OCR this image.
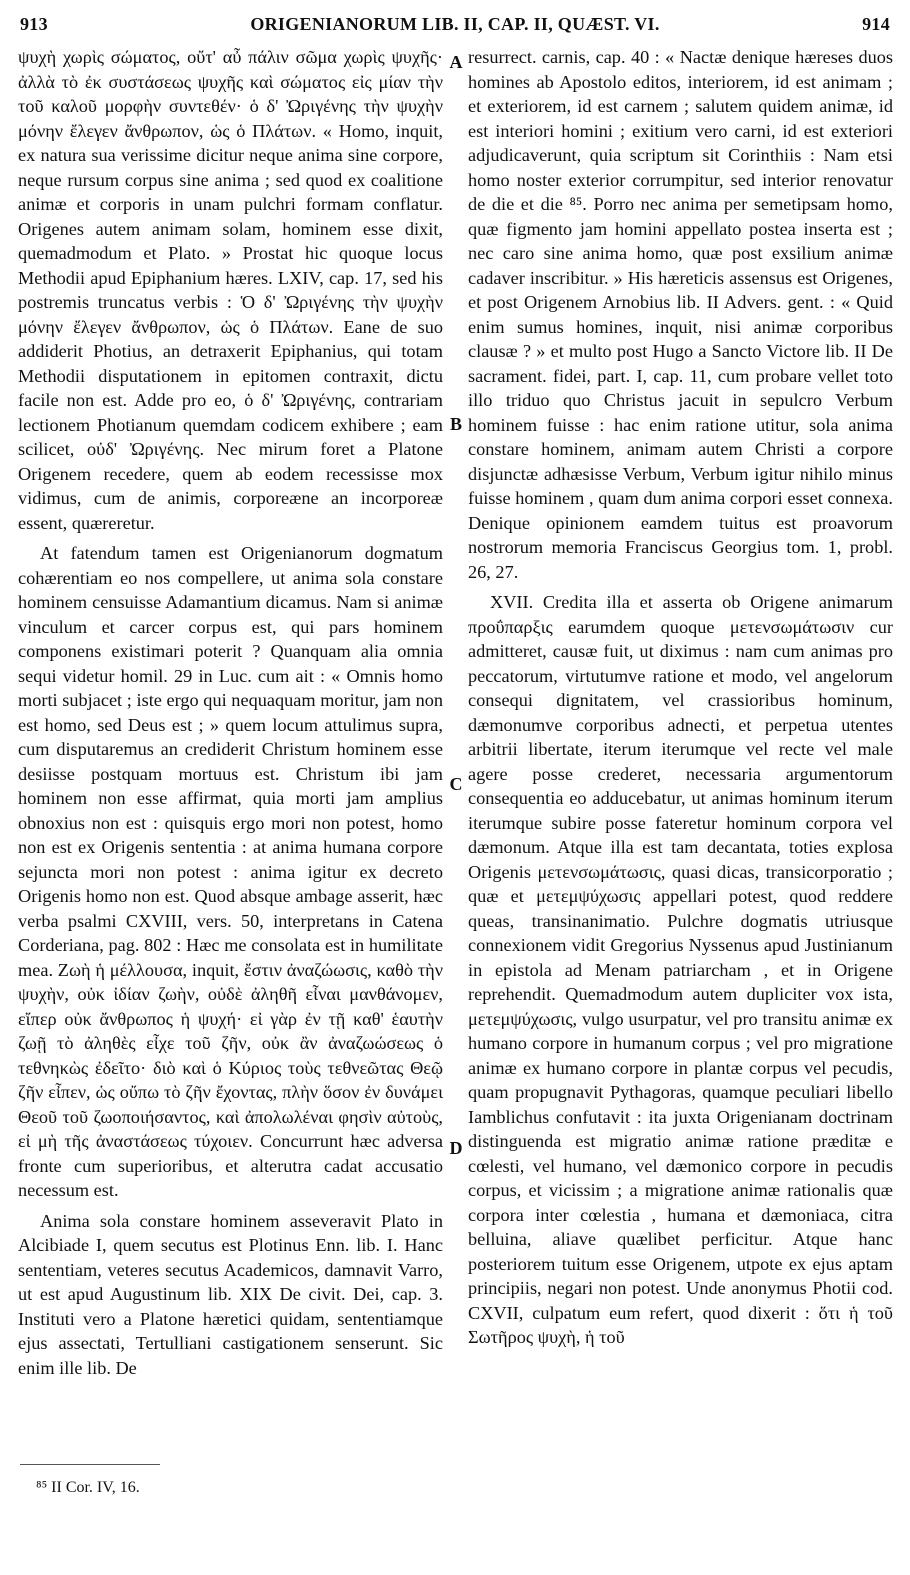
913	ORIGENIANORUM LIB. II, CAP. II, QUÆST. VI.	914

ψυχὴ χωρὶς σώματος, οὔτ' αὖ πάλιν σῶμα χωρὶς ψυχῆς· ἀλλὰ τὸ ἐκ συστάσεως ψυχῆς καὶ σώματος εἰς μίαν τὴν τοῦ καλοῦ μορφὴν συντεθέν· ὁ δ' Ὠριγένης τὴν ψυχὴν μόνην ἔλεγεν ἄνθρωπον, ὡς ὁ Πλάτων. « Homo, inquit, ex natura sua verissime dicitur neque anima sine corpore, neque rursum corpus sine anima ; sed quod ex coalitione animæ et corporis in unam pulchri formam conflatur. Origenes autem animam solam, hominem esse dixit, quemadmodum et Plato. » Prostat hic quoque locus Methodii apud Epiphanium hæres. LXIV, cap. 17, sed his postremis truncatus verbis : Ὁ δ' Ὠριγένης τὴν ψυχὴν μόνην ἔλεγεν ἄνθρωπον, ὡς ὁ Πλάτων. Eane de suo addiderit Photius, an detraxerit Epiphanius, qui totam Methodii disputationem in epitomen contraxit, dictu facile non est. Adde pro eo, ὁ δ' Ὠριγένης, contrariam lectionem Photianum quemdam codicem exhibere ; eam scilicet, οὐδ' Ὠριγένης. Nec mirum foret a Platone Origenem recedere, quem ab eodem recessisse mox vidimus, cum de animis, corporeæne an incorporeæ essent, quæreretur.

At fatendum tamen est Origenianorum dogmatum cohærentiam eo nos compellere, ut anima sola constare hominem censuisse Adamantium dicamus. Nam si animæ vinculum et carcer corpus est, qui pars hominem componens existimari poterit ? Quanquam alia omnia sequi videtur homil. 29 in Luc. cum ait : « Omnis homo morti subjacet ; iste ergo qui nequaquam moritur, jam non est homo, sed Deus est ; » quem locum attulimus supra, cum disputaremus an crediderit Christum hominem esse desiisse postquam mortuus est. Christum ibi jam hominem non esse affirmat, quia morti jam amplius obnoxius non est : quisquis ergo mori non potest, homo non est ex Origenis sententia : at anima humana corpore sejuncta mori non potest : anima igitur ex decreto Origenis homo non est. Quod absque ambage asserit, hæc verba psalmi CXVIII, vers. 50, interpretans in Catena Corderiana, pag. 802 : Hæc me consolata est in humilitate mea. Ζωὴ ἡ μέλλουσα, inquit, ἔστιν ἀναζώωσις, καθὸ τὴν ψυχὴν, οὐκ ἰδίαν ζωὴν, οὐδὲ ἀληθῆ εἶναι μανθάνομεν, εἴπερ οὐκ ἄνθρωπος ἡ ψυχή· εἰ γὰρ ἐν τῇ καθ' ἑαυτὴν ζωῇ τὸ ἀληθὲς εἶχε τοῦ ζῆν, οὐκ ἂν ἀναζωώσεως ὁ τεθνηκὼς ἐδεῖτο· διὸ καὶ ὁ Κύριος τοὺς τεθνεῶτας Θεῷ ζῆν εἶπεν, ὡς οὔπω τὸ ζῆν ἔχοντας, πλὴν ὅσον ἐν δυνάμει Θεοῦ τοῦ ζωοποιήσαντος, καὶ ἀπολωλέναι φησὶν αὐτοὺς, εἰ μὴ τῆς ἀναστάσεως τύχοιεν. Concurrunt hæc adversa fronte cum superioribus, et alterutra cadat accusatio necessum est.

Anima sola constare hominem asseveravit Plato in Alcibiade I, quem secutus est Plotinus Enn. lib. I. Hanc sententiam, veteres secutus Academicos, damnavit Varro, ut est apud Augustinum lib. XIX De civit. Dei, cap. 3. Instituti vero a Platone hæretici quidam, sententiamque ejus assectati, Tertulliani castigationem senserunt. Sic enim ille lib. De

A
B
C
D

resurrect. carnis, cap. 40 : « Nactæ denique hæreses duos homines ab Apostolo editos, interiorem, id est animam ; et exteriorem, id est carnem ; salutem quidem animæ, id est interiori homini ; exitium vero carni, id est exteriori adjudicaverunt, quia scriptum sit Corinthiis : Nam etsi homo noster exterior corrumpitur, sed interior renovatur de die et die ⁸⁵. Porro nec anima per semetipsam homo, quæ figmento jam homini appellato postea inserta est ; nec caro sine anima homo, quæ post exsilium animæ cadaver inscribitur. » His hæreticis assensus est Origenes, et post Origenem Arnobius lib. II Advers. gent. : « Quid enim sumus homines, inquit, nisi animæ corporibus clausæ ? » et multo post Hugo a Sancto Victore lib. II De sacrament. fidei, part. I, cap. 11, cum probare vellet toto illo triduo quo Christus jacuit in sepulcro Verbum hominem fuisse : hac enim ratione utitur, sola anima constare hominem, animam autem Christi a corpore disjunctæ adhæsisse Verbum, Verbum igitur nihilo minus fuisse hominem , quam dum anima corpori esset connexa. Denique opinionem eamdem tuitus est proavorum nostrorum memoria Franciscus Georgius tom. 1, probl. 26, 27.

XVII. Credita illa et asserta ob Origene animarum προΰπαρξις earumdem quoque μετενσωμάτωσιν cur admitteret, causæ fuit, ut diximus : nam cum animas pro peccatorum, virtutumve ratione et modo, vel angelorum consequi dignitatem, vel crassioribus hominum, dæmonumve corporibus adnecti, et perpetua utentes arbitrii libertate, iterum iterumque vel recte vel male agere posse crederet, necessaria argumentorum consequentia eo adducebatur, ut animas hominum iterum iterumque subire posse fateretur hominum corpora vel dæmonum. Atque illa est tam decantata, toties explosa Origenis μετενσωμάτωσις, quasi dicas, transicorporatio ; quæ et μετεμψύχωσις appellari potest, quod reddere queas, transinanimatio. Pulchre dogmatis utriusque connexionem vidit Gregorius Nyssenus apud Justinianum in epistola ad Menam patriarcham , et in Origene reprehendit. Quemadmodum autem dupliciter vox ista, μετεμψύχωσις, vulgo usurpatur, vel pro transitu animæ ex humano corpore in humanum corpus ; vel pro migratione animæ ex humano corpore in plantæ corpus vel pecudis, quam propugnavit Pythagoras, quamque peculiari libello Iamblichus confutavit : ita juxta Origenianam doctrinam distinguenda est migratio animæ ratione præditæ e cœlesti, vel humano, vel dæmonico corpore in pecudis corpus, et vicissim ; a migratione animæ rationalis quæ corpora inter cœlestia , humana et dæmoniaca, citra belluina, aliave quælibet perficitur. Atque hanc posteriorem tuitum esse Origenem, utpote ex ejus aptam principiis, negari non potest. Unde anonymus Photii cod. CXVII, culpatum eum refert, quod dixerit : ὅτι ἡ τοῦ Σωτῆρος ψυχὴ, ἡ τοῦ

⁸⁵ II Cor. IV, 16.
